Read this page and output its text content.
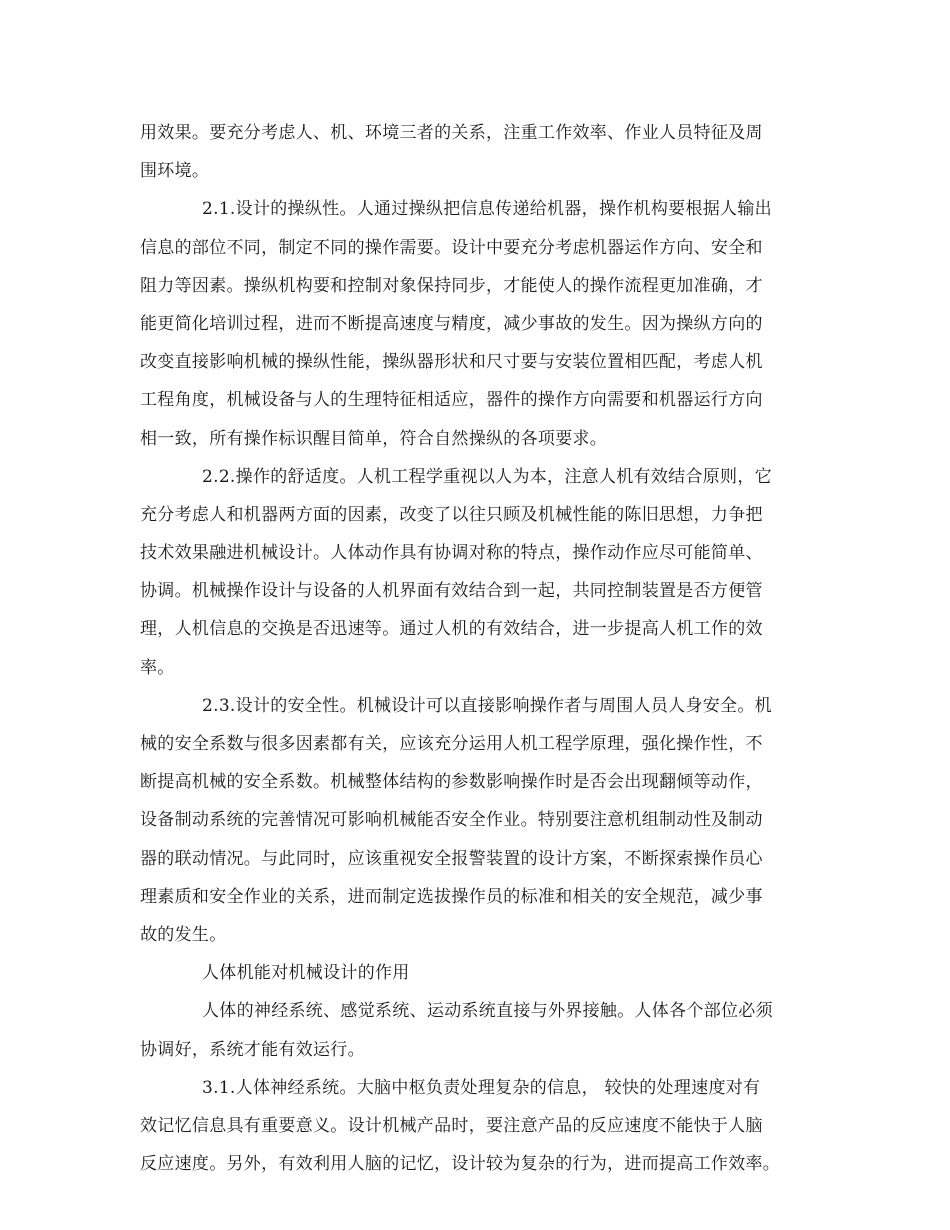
用效果。要充分考虑人、机、环境三者的关系，注重工作效率、作业人员特征及周
围环境。
2.1.设计的操纵性。人通过操纵把信息传递给机器，操作机构要根据人输出
信息的部位不同，制定不同的操作需要。设计中要充分考虑机器运作方向、安全和
阻力等因素。操纵机构要和控制对象保持同步，才能使人的操作流程更加准确，才
能更简化培训过程，进而不断提高速度与精度，减少事故的发生。因为操纵方向的
改变直接影响机械的操纵性能，操纵器形状和尺寸要与安装位置相匹配，考虑人机
工程角度，机械设备与人的生理特征相适应，器件的操作方向需要和机器运行方向
相一致，所有操作标识醒目简单，符合自然操纵的各项要求。
2.2.操作的舒适度。人机工程学重视以人为本，注意人机有效结合原则，它
充分考虑人和机器两方面的因素，改变了以往只顾及机械性能的陈旧思想，力争把
技术效果融进机械设计。人体动作具有协调对称的特点，操作动作应尽可能简单、
协调。机械操作设计与设备的人机界面有效结合到一起，共同控制装置是否方便管
理，人机信息的交换是否迅速等。通过人机的有效结合，进一步提高人机工作的效
率。
2.3.设计的安全性。机械设计可以直接影响操作者与周围人员人身安全。机
械的安全系数与很多因素都有关，应该充分运用人机工程学原理，强化操作性，不
断提高机械的安全系数。机械整体结构的参数影响操作时是否会出现翻倾等动作，
设备制动系统的完善情况可影响机械能否安全作业。特别要注意机组制动性及制动
器的联动情况。与此同时，应该重视安全报警装置的设计方案，不断探索操作员心
理素质和安全作业的关系，进而制定选拔操作员的标准和相关的安全规范，减少事
故的发生。
人体机能对机械设计的作用
人体的神经系统、感觉系统、运动系统直接与外界接触。人体各个部位必须
协调好，系统才能有效运行。
3.1.人体神经系统。大脑中枢负责处理复杂的信息， 较快的处理速度对有
效记忆信息具有重要意义。设计机械产品时，要注意产品的反应速度不能快于人脑
反应速度。另外，有效利用人脑的记忆，设计较为复杂的行为，进而提高工作效率。
